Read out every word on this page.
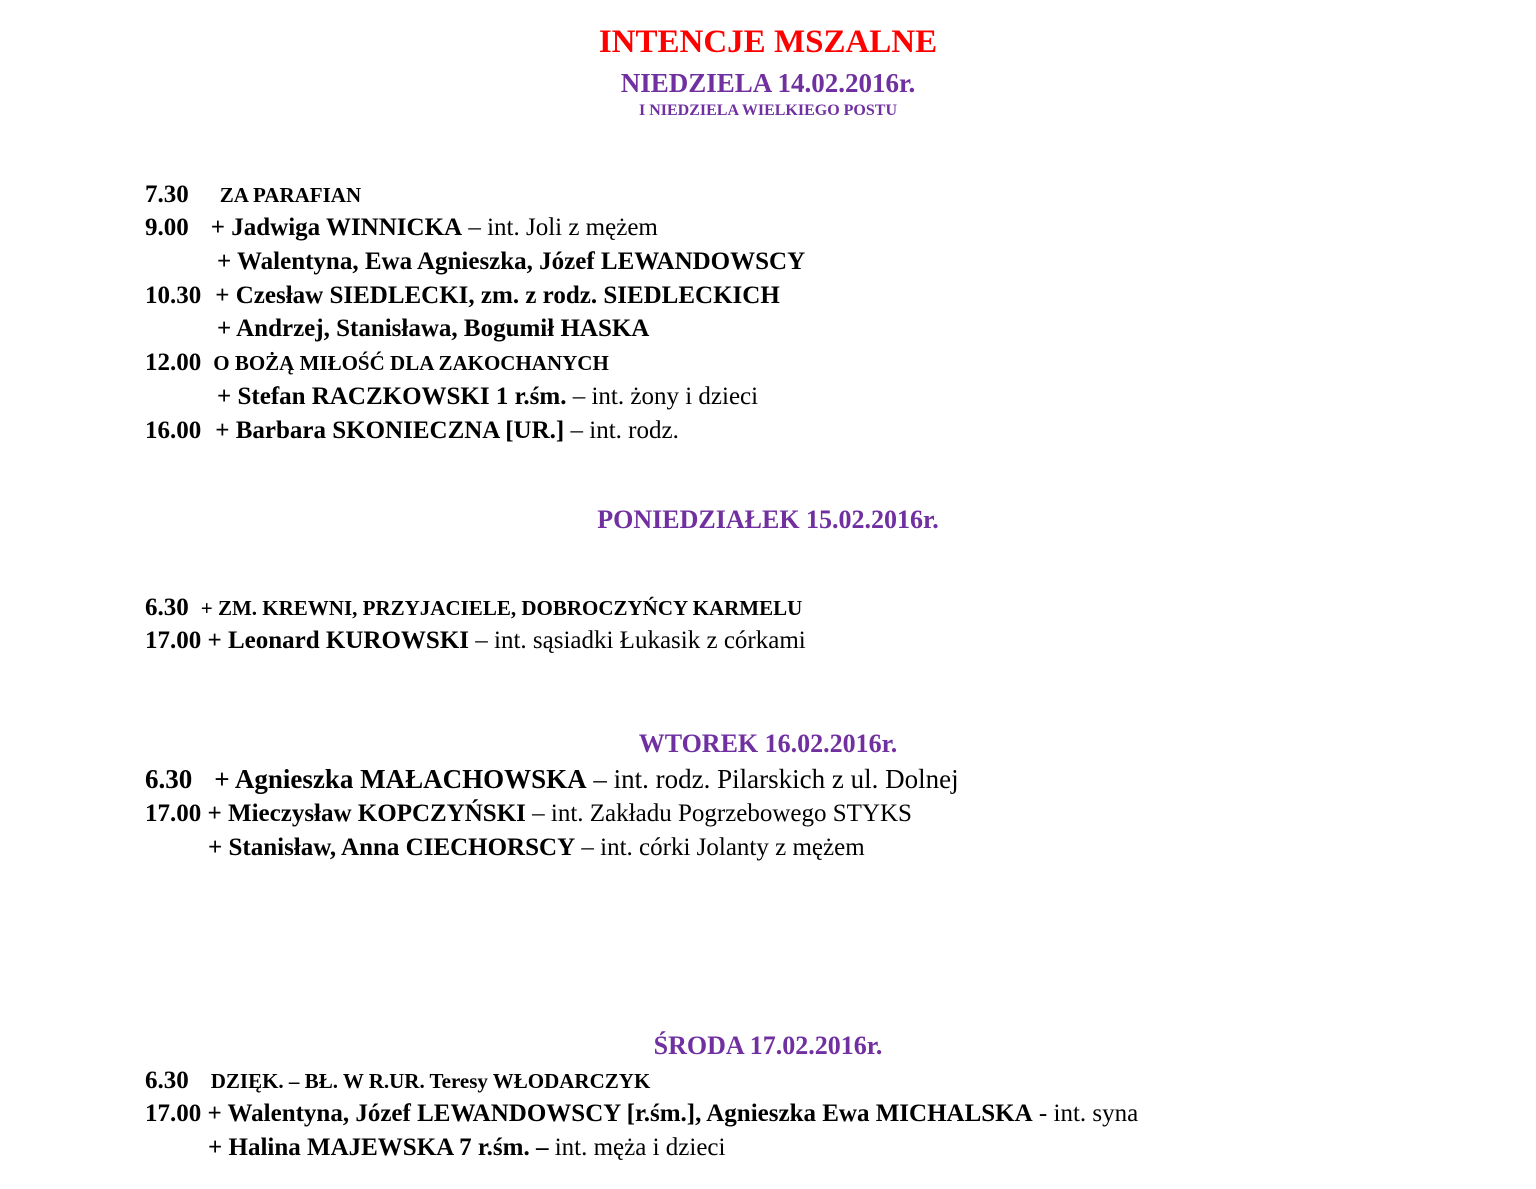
INTENCJE MSZALNE
NIEDZIELA 14.02.2016r.
I NIEDZIELA WIELKIEGO POSTU
7.30 ZA PARAFIAN
9.00 + Jadwiga WINNICKA – int. Joli z mężem
+ Walentyna, Ewa Agnieszka, Józef LEWANDOWSCY
10.30 + Czesław SIEDLECKI, zm. z rodz. SIEDLECKICH
+ Andrzej, Stanisława, Bogumił HASKA
12.00 O BOŻĄ MIŁOŚĆ DLA ZAKOCHANYCH
+ Stefan RACZKOWSKI 1 r.śm. – int. żony i dzieci
16.00 + Barbara SKONIECZNA [UR.] – int. rodz.
PONIEDZIAŁEK 15.02.2016r.
6.30 + ZM. KREWNI, PRZYJACIELE, DOBROCZYŃCY KARMELU
17.00 + Leonard KUROWSKI – int. sąsiadki Łukasik z córkami
WTOREK 16.02.2016r.
6.30 + Agnieszka MAŁACHOWSKA – int. rodz. Pilarskich z ul. Dolnej
17.00 + Mieczysław KOPCZYŃSKI – int. Zakładu Pogrzebowego STYKS
+ Stanisław, Anna CIECHORSCY – int. córki Jolanty z mężem
ŚRODA 17.02.2016r.
6.30 DZIĘK. – BŁ. W R.UR. Teresy WŁODARCZYK
17.00 + Walentyna, Józef LEWANDOWSCY [r.śm.], Agnieszka Ewa MICHALSKA - int. syna
+ Halina MAJEWSKA 7 r.śm. – int. męża i dzieci
